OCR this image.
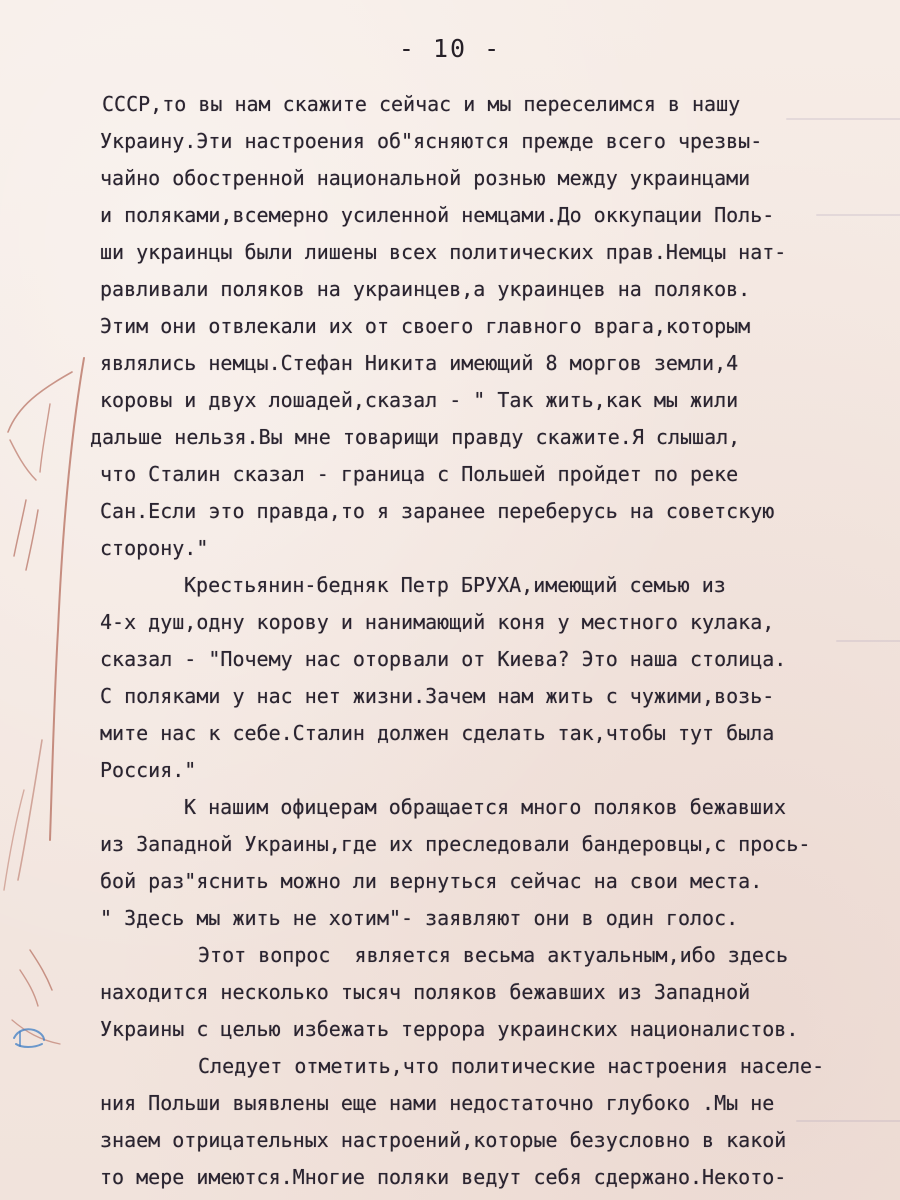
- 10 -
СССР,то вы нам скажите сейчас и мы переселимся в нашу
Украину.Эти настроения об"ясняются прежде всего чрезвы-
чайно обостренной национальной рознью между украинцами
и поляками,всемерно усиленной немцами.До оккупации Поль-
ши украинцы были лишены всех политических прав.Немцы нат-
равливали поляков на украинцев,а украинцев на поляков.
Этим они отвлекали их от своего главного врага,которым
являлись немцы.Стефан Никита имеющий 8 моргов земли,4
коровы и двух лошадей,сказал - " Так жить,как мы жили
дальше нельзя.Вы мне товарищи правду скажите.Я слышал,
что Сталин сказал - граница с Польшей пройдет по реке
Сан.Если это правда,то я заранее переберусь на советскую
сторону."
Крестьянин-бедняк Петр БРУХА,имеющий семью из
4-х душ,одну корову и нанимающий коня у местного кулака,
сказал - "Почему нас оторвали от Киева? Это наша столица.
С поляками у нас нет жизни.Зачем нам жить с чужими,возь-
мите нас к себе.Сталин должен сделать так,чтобы тут была
Россия."
К нашим офицерам обращается много поляков бежавших
из Западной Украины,где их преследовали бандеровцы,с прось-
бой раз"яснить можно ли вернуться сейчас на свои места.
" Здесь мы жить не хотим"- заявляют они в один голос.
Этот вопрос  является весьма актуальным,ибо здесь
находится несколько тысяч поляков бежавших из Западной
Украины с целью избежать террора украинских националистов.
Следует отметить,что политические настроения населе-
ния Польши выявлены еще нами недостаточно глубоко .Мы не
знаем отрицательных настроений,которые безусловно в какой
то мере имеются.Многие поляки ведут себя сдержано.Некото-
